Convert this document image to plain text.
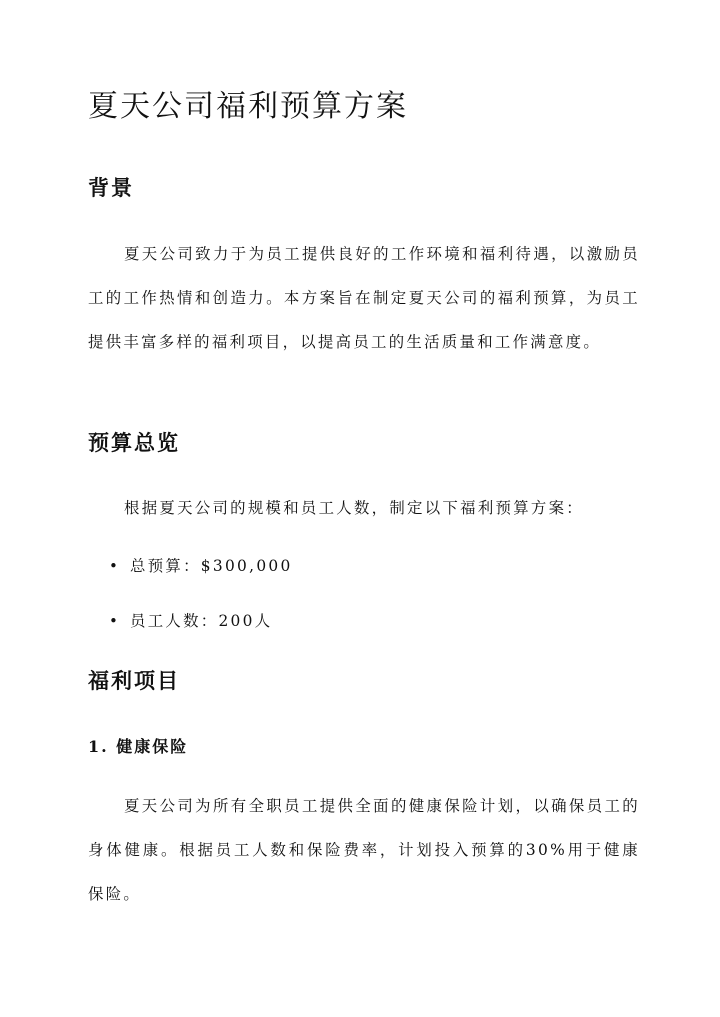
夏天公司福利预算方案
背景

夏天公司致力于为员工提供良好的工作环境和福利待遇，以激励员工的工作热情和创造力。本方案旨在制定夏天公司的福利预算，为员工提供丰富多样的福利项目，以提高员工的生活质量和工作满意度。

预算总览

根据夏天公司的规模和员工人数，制定以下福利预算方案：

• 总预算：$300,000
• 员工人数：200人
福利项目
1. 健康保险

夏天公司为所有全职员工提供全面的健康保险计划，以确保员工的身体健康。根据员工人数和保险费率，计划投入预算的30%用于健康保险。
